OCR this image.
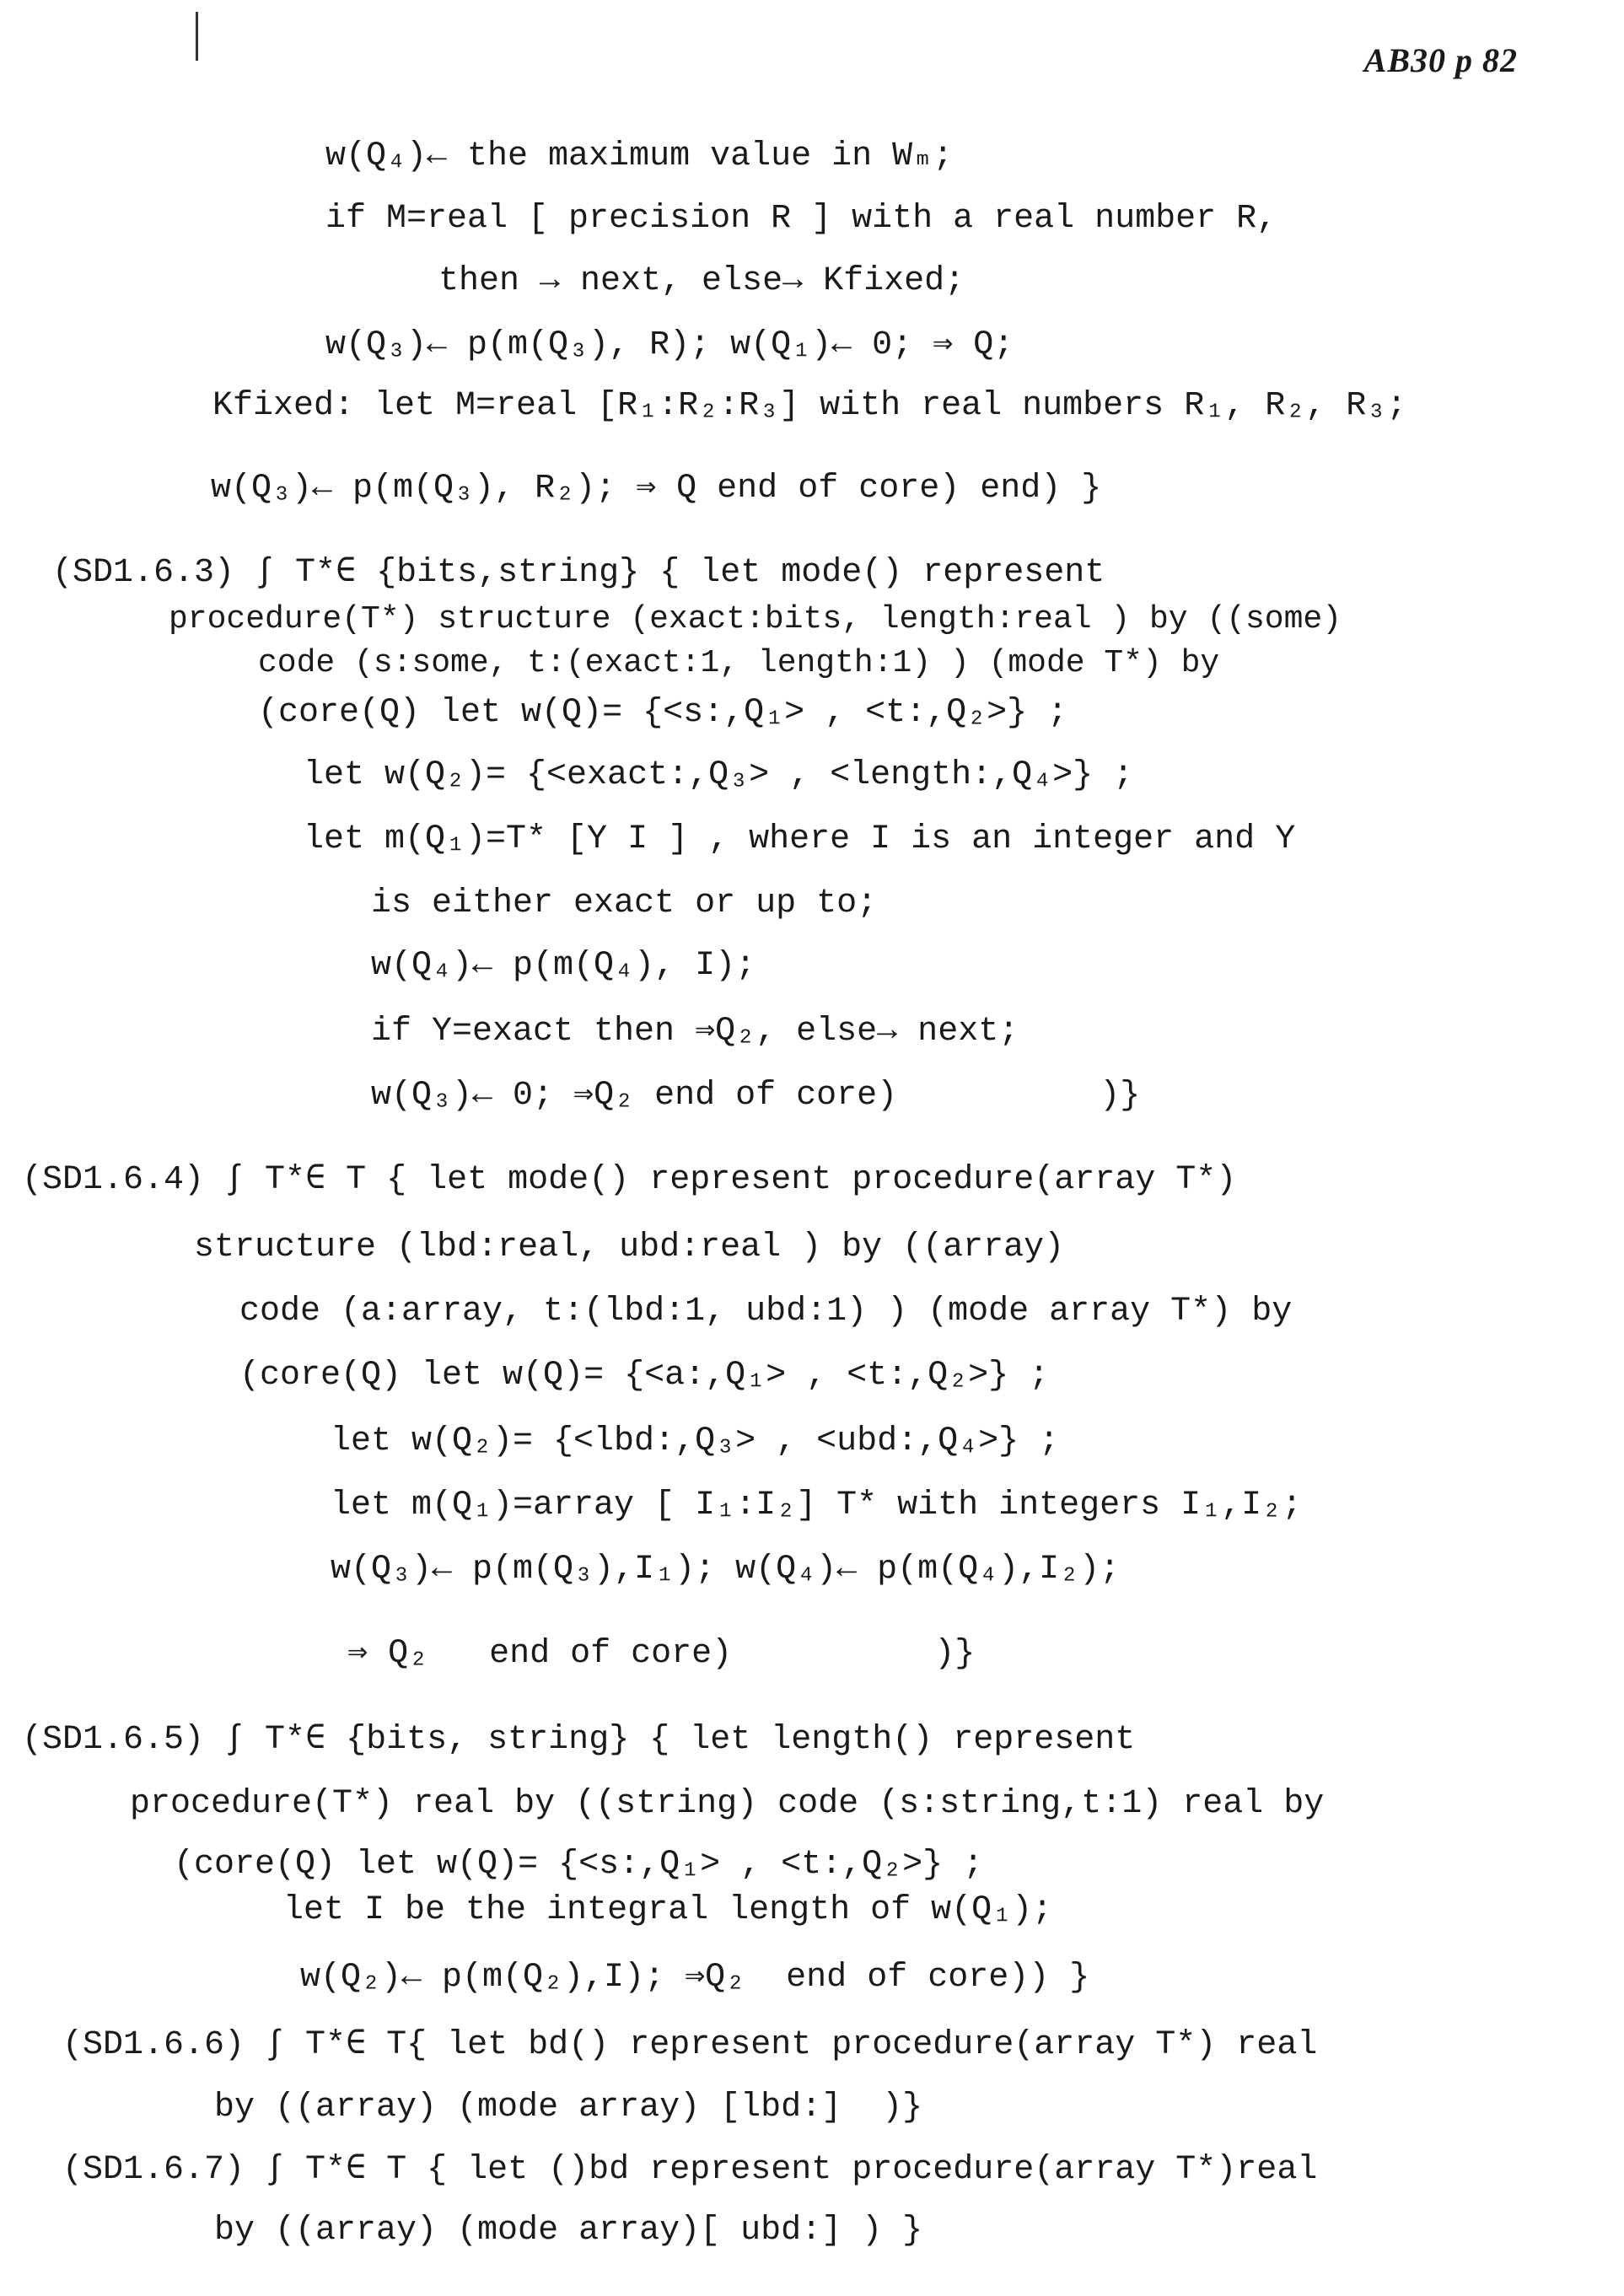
AB30 p 82
w(Q₄)← the maximum value in Wₘ;
if M=real [ precision R ] with a real number R,
then → next, else→ Kfixed;
w(Q₃)← p(m(Q₃), R); w(Q₁)← 0; ⇒ Q;
Kfixed: let M=real [R₁:R₂:R₃] with real numbers R₁, R₂, R₃;
w(Q₃)← p(m(Q₃), R₂); ⇒ Q end of core) end) }
(SD1.6.3) ∫ T*∈ {bits,string} { let mode() represent
procedure(T*) structure (exact:bits, length:real ) by ((some)
code (s:some, t:(exact:1, length:1) ) (mode T*) by
(core(Q) let w(Q)= {<s:,Q₁> , <t:,Q₂>} ;
let w(Q₂)= {<exact:,Q₃> , <length:,Q₄>} ;
let m(Q₁)=T* [Y I ] , where I is an integer and Y
is either exact or up to;
w(Q₄)← p(m(Q₄), I);
if Y=exact then ⇒Q₂, else→ next;
w(Q₃)← 0; ⇒Q₂ end of core)          )}
(SD1.6.4) ∫ T*∈ T { let mode() represent procedure(array T*)
structure (lbd:real, ubd:real ) by ((array)
code (a:array, t:(lbd:1, ubd:1) ) (mode array T*) by
(core(Q) let w(Q)= {<a:,Q₁> , <t:,Q₂>} ;
let w(Q₂)= {<lbd:,Q₃> , <ubd:,Q₄>} ;
let m(Q₁)=array [ I₁:I₂] T* with integers I₁,I₂;
w(Q₃)← p(m(Q₃),I₁); w(Q₄)← p(m(Q₄),I₂);
⇒ Q₂   end of core)          )}
(SD1.6.5) ∫ T*∈ {bits, string} { let length() represent
procedure(T*) real by ((string) code (s:string,t:1) real by
(core(Q) let w(Q)= {<s:,Q₁> , <t:,Q₂>} ;
let I be the integral length of w(Q₁);
w(Q₂)← p(m(Q₂),I); ⇒Q₂  end of core)) }
(SD1.6.6) ∫ T*∈ T{ let bd() represent procedure(array T*) real
by ((array) (mode array) [lbd:]  )}
(SD1.6.7) ∫ T*∈ T { let ()bd represent procedure(array T*)real
by ((array) (mode array)[ ubd:] ) }
